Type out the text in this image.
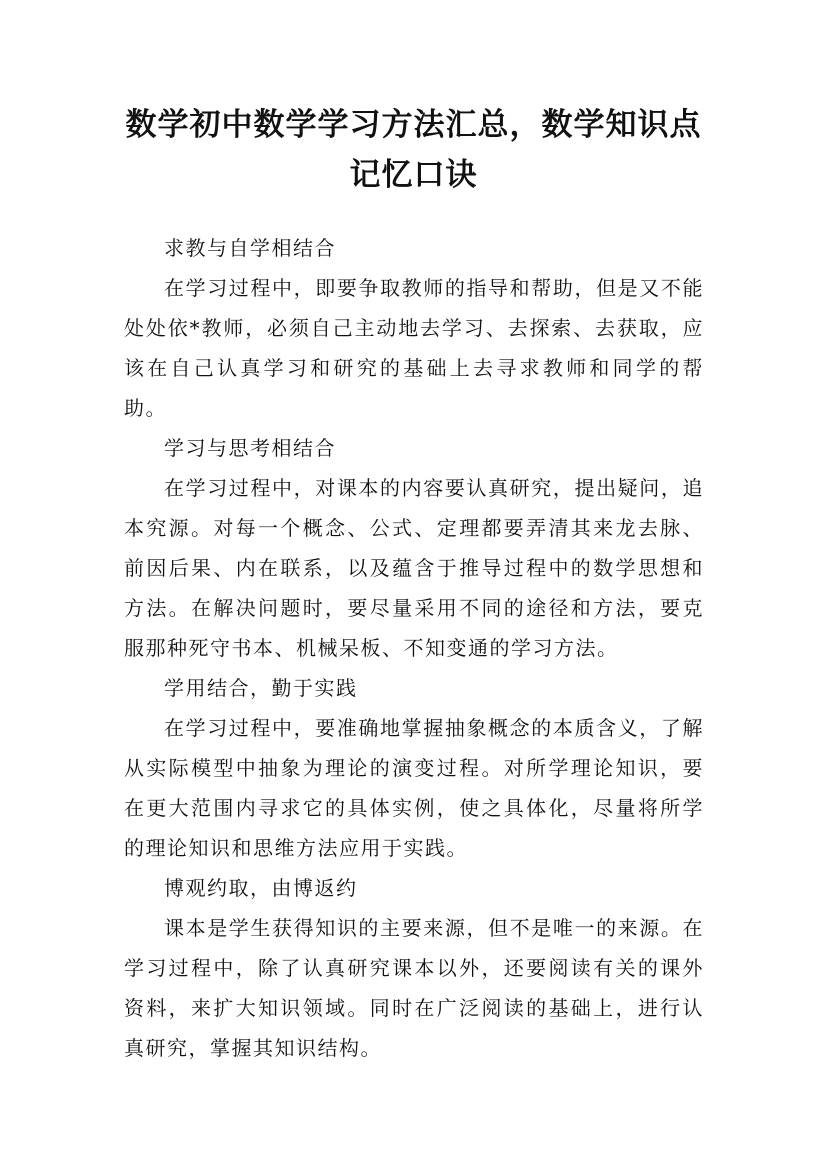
数学初中数学学习方法汇总，数学知识点记忆口诀

求教与自学相结合

在学习过程中，即要争取教师的指导和帮助，但是又不能处处依*教师，必须自己主动地去学习、去探索、去获取，应该在自己认真学习和研究的基础上去寻求教师和同学的帮助。

学习与思考相结合

在学习过程中，对课本的内容要认真研究，提出疑问，追本究源。对每一个概念、公式、定理都要弄清其来龙去脉、前因后果、内在联系，以及蕴含于推导过程中的数学思想和方法。在解决问题时，要尽量采用不同的途径和方法，要克服那种死守书本、机械呆板、不知变通的学习方法。

学用结合，勤于实践

在学习过程中，要准确地掌握抽象概念的本质含义，了解从实际模型中抽象为理论的演变过程。对所学理论知识，要在更大范围内寻求它的具体实例，使之具体化，尽量将所学的理论知识和思维方法应用于实践。

博观约取，由博返约

课本是学生获得知识的主要来源，但不是唯一的来源。在学习过程中，除了认真研究课本以外，还要阅读有关的课外资料，来扩大知识领域。同时在广泛阅读的基础上，进行认真研究，掌握其知识结构。
